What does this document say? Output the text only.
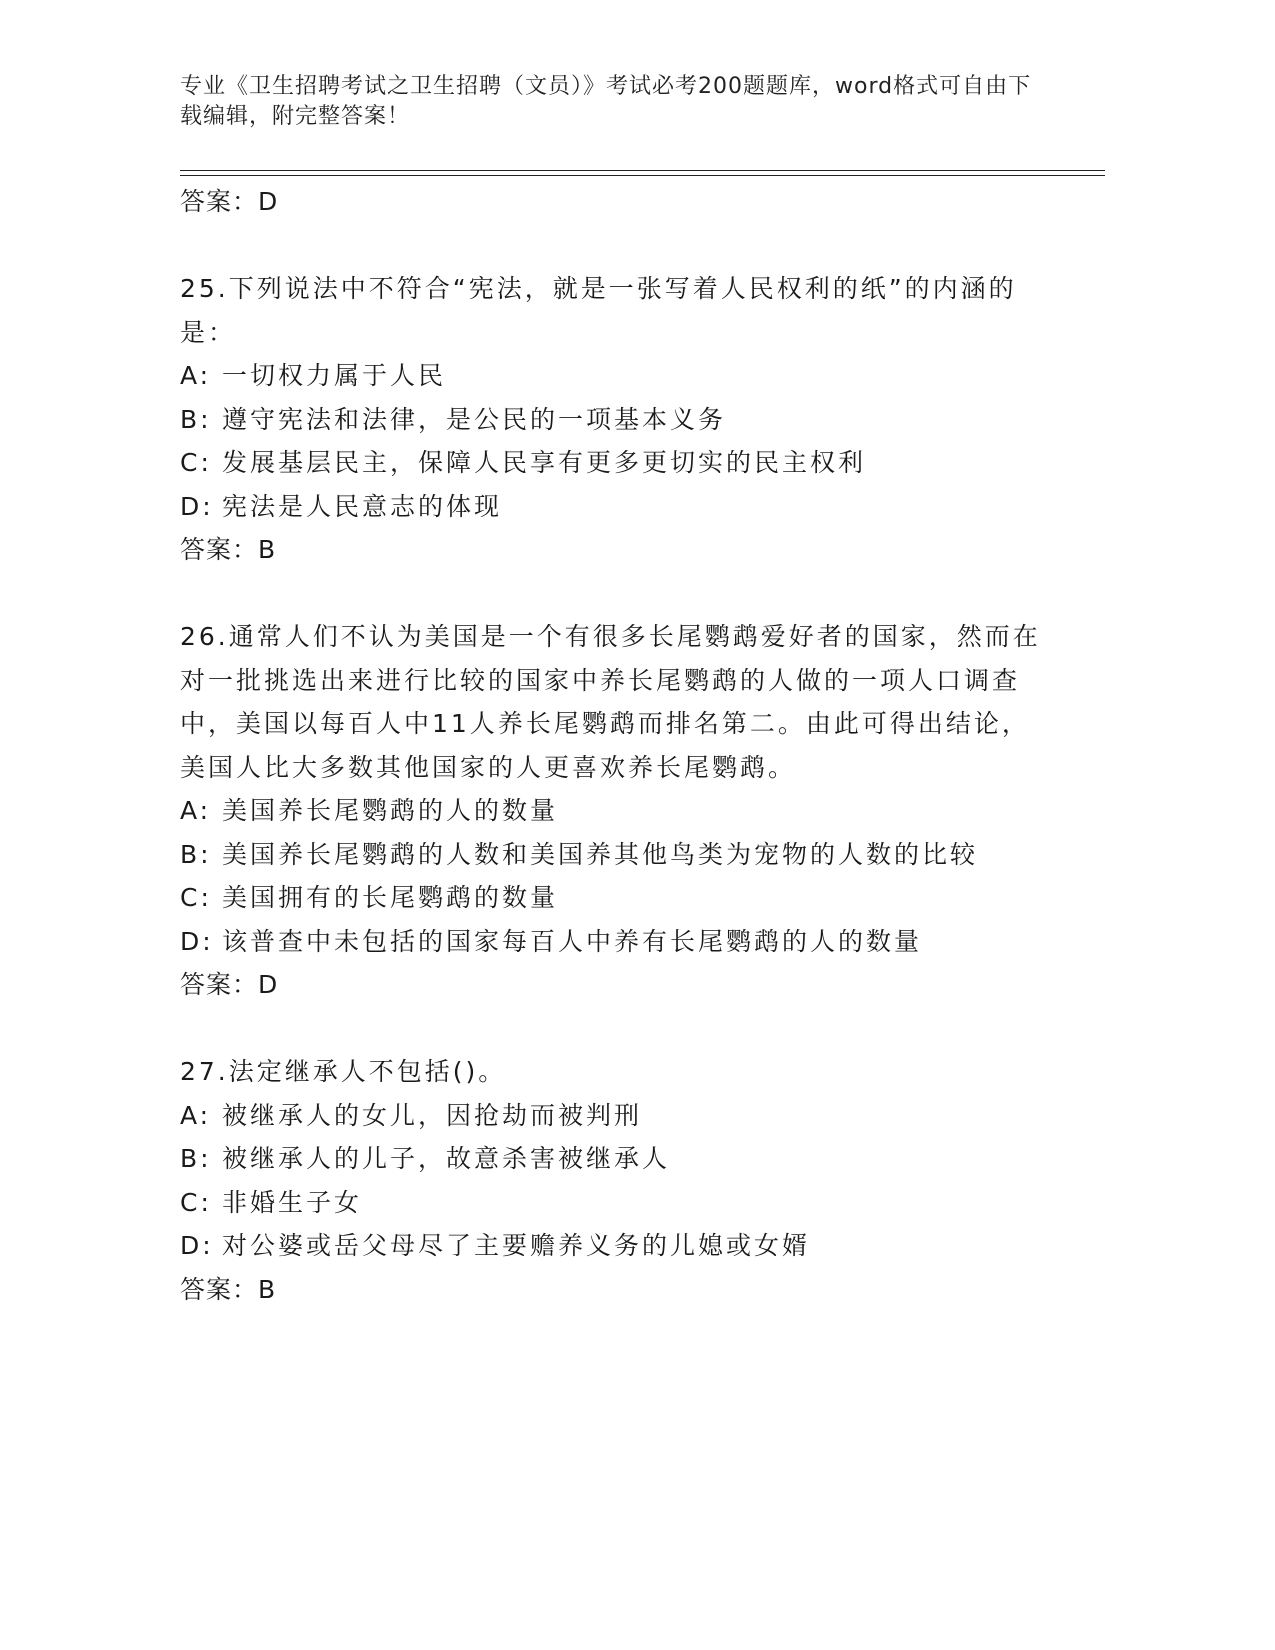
专业《卫生招聘考试之卫生招聘（文员）》考试必考200题题库，word格式可自由下载编辑，附完整答案！

答案：D

25.下列说法中不符合“宪法，就是一张写着人民权利的纸”的内涵的是：

A: 一切权力属于人民
B: 遵守宪法和法律，是公民的一项基本义务
C: 发展基层民主，保障人民享有更多更切实的民主权利
D: 宪法是人民意志的体现

答案：B

26.通常人们不认为美国是一个有很多长尾鹦鹉爱好者的国家，然而在对一批挑选出来进行比较的国家中养长尾鹦鹉的人做的一项人口调查中，美国以每百人中11人养长尾鹦鹉而排名第二。由此可得出结论，美国人比大多数其他国家的人更喜欢养长尾鹦鹉。

A: 美国养长尾鹦鹉的人的数量
B: 美国养长尾鹦鹉的人数和美国养其他鸟类为宠物的人数的比较
C: 美国拥有的长尾鹦鹉的数量
D: 该普查中未包括的国家每百人中养有长尾鹦鹉的人的数量

答案：D

27.法定继承人不包括()。

A: 被继承人的女儿，因抢劫而被判刑
B: 被继承人的儿子，故意杀害被继承人
C: 非婚生子女
D: 对公婆或岳父母尽了主要赡养义务的儿媳或女婿

答案：B
